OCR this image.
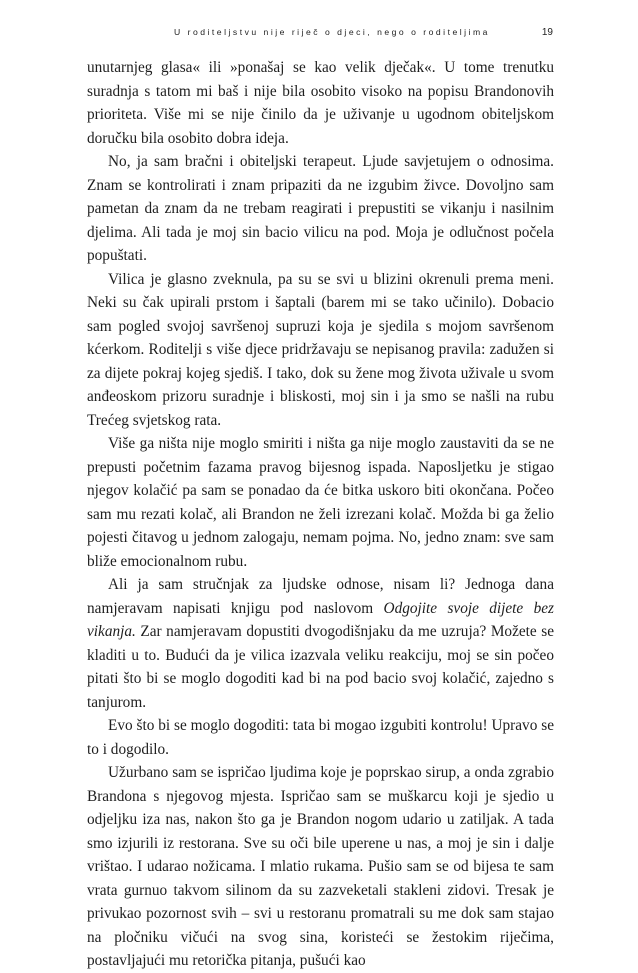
U roditeljstvu nije riječ o djeci, nego o roditeljima	19

unutarnjeg glasa« ili »ponašaj se kao velik dječak«. U tome trenutku suradnja s tatom mi baš i nije bila osobito visoko na popisu Brandonovih prioriteta. Više mi se nije činilo da je uživanje u ugodnom obiteljskom doručku bila osobito dobra ideja.

No, ja sam bračni i obiteljski terapeut. Ljude savjetujem o odnosima. Znam se kontrolirati i znam pripaziti da ne izgubim živce. Dovoljno sam pametan da znam da ne trebam reagirati i prepustiti se vikanju i nasilnim djelima. Ali tada je moj sin bacio vilicu na pod. Moja je odlučnost počela popuštati.

Vilica je glasno zveknula, pa su se svi u blizini okrenuli prema meni. Neki su čak upirali prstom i šaptali (barem mi se tako učinilo). Dobacio sam pogled svojoj savršenoj supruzi koja je sjedila s mojom savršenom kćerkom. Roditelji s više djece pridržavaju se nepisanog pravila: zadužen si za dijete pokraj kojeg sjediš. I tako, dok su žene mog života uživale u svom anđeoskom prizoru suradnje i bliskosti, moj sin i ja smo se našli na rubu Trećeg svjetskog rata.

Više ga ništa nije moglo smiriti i ništa ga nije moglo zaustaviti da se ne prepusti početnim fazama pravog bijesnog ispada. Naposljetku je stigao njegov kolačić pa sam se ponadao da će bitka uskoro biti okončana. Počeo sam mu rezati kolač, ali Brandon ne želi izrezani kolač. Možda bi ga želio pojesti čitavog u jednom zalogaju, nemam pojma. No, jedno znam: sve sam bliže emocionalnom rubu.

Ali ja sam stručnjak za ljudske odnose, nisam li? Jednoga dana namjeravam napisati knjigu pod naslovom Odgojite svoje dijete bez vikanja. Zar namjeravam dopustiti dvogodišnjaku da me uzruja? Možete se kladiti u to. Budući da je vilica izazvala veliku reakciju, moj se sin počeo pitati što bi se moglo dogoditi kad bi na pod bacio svoj kolačić, zajedno s tanjurom.

Evo što bi se moglo dogoditi: tata bi mogao izgubiti kontrolu! Upravo se to i dogodilo.

Užurbano sam se ispričao ljudima koje je poprskao sirup, a onda zgrabio Brandona s njegovog mjesta. Ispričao sam se muškarcu koji je sjedio u odjeljku iza nas, nakon što ga je Brandon nogom udario u zatiljak. A tada smo izjurili iz restorana. Sve su oči bile uperene u nas, a moj je sin i dalje vrištao. I udarao nožicama. I mlatio rukama. Pušio sam se od bijesa te sam vrata gurnuo takvom silinom da su zazveketali stakleni zidovi. Tresak je privukao pozornost svih – svi u restoranu promatrali su me dok sam stajao na pločniku vičući na svog sina, koristeći se žestokim riječima, postavljajući mu retorička pitanja, pušući kao
